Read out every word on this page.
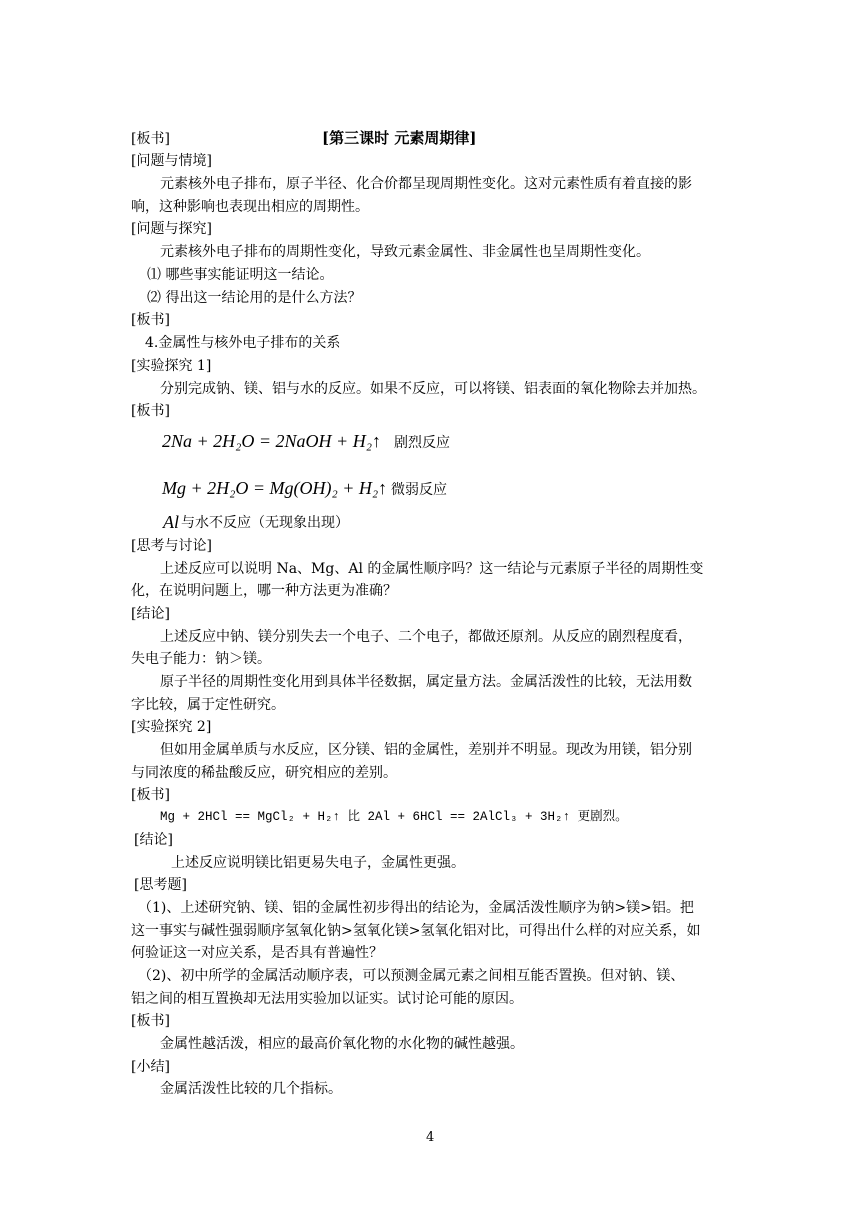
[板书]	[第三课时 元素周期律]
[问题与情境]
元素核外电子排布，原子半径、化合价都呈现周期性变化。这对元素性质有着直接的影
响，这种影响也表现出相应的周期性。
[问题与探究]
元素核外电子排布的周期性变化，导致元素金属性、非金属性也呈周期性变化。
⑴ 哪些事实能证明这一结论。
⑵ 得出这一结论用的是什么方法？
[板书]
4.金属性与核外电子排布的关系
[实验探究 1]
分别完成钠、镁、铝与水的反应。如果不反应，可以将镁、铝表面的氧化物除去并加热。
[板书]
2Na + 2H₂O = 2NaOH + H₂↑ 剧烈反应
Mg + 2H₂O = Mg(OH)₂ + H₂↑ 微弱反应
Al 与水不反应（无现象出现）
[思考与讨论]
上述反应可以说明 Na、Mg、Al 的金属性顺序吗？这一结论与元素原子半径的周期性变
化，在说明问题上，哪一种方法更为准确？
[结论]
上述反应中钠、镁分别失去一个电子、二个电子，都做还原剂。从反应的剧烈程度看，
失电子能力：钠＞镁。
原子半径的周期性变化用到具体半径数据，属定量方法。金属活泼性的比较，无法用数
字比较，属于定性研究。
[实验探究 2]
但如用金属单质与水反应，区分镁、铝的金属性，差别并不明显。现改为用镁，铝分别
与同浓度的稀盐酸反应，研究相应的差别。
[板书]
Mg + 2HCl == MgCl₂ + H₂↑ 比 2Al + 6HCl == 2AlCl₃ + 3H₂↑ 更剧烈。
[结论]
上述反应说明镁比铝更易失电子，金属性更强。
[思考题]
（1)、上述研究钠、镁、铝的金属性初步得出的结论为，金属活泼性顺序为钠>镁>铝。把
这一事实与碱性强弱顺序氢氧化钠>氢氧化镁>氢氧化铝对比，可得出什么样的对应关系，如
何验证这一对应关系，是否具有普遍性？
（2)、初中所学的金属活动顺序表，可以预测金属元素之间相互能否置换。但对钠、镁、
铝之间的相互置换却无法用实验加以证实。试讨论可能的原因。
[板书]
金属性越活泼，相应的最高价氧化物的水化物的碱性越强。
[小结]
金属活泼性比较的几个指标。
4
